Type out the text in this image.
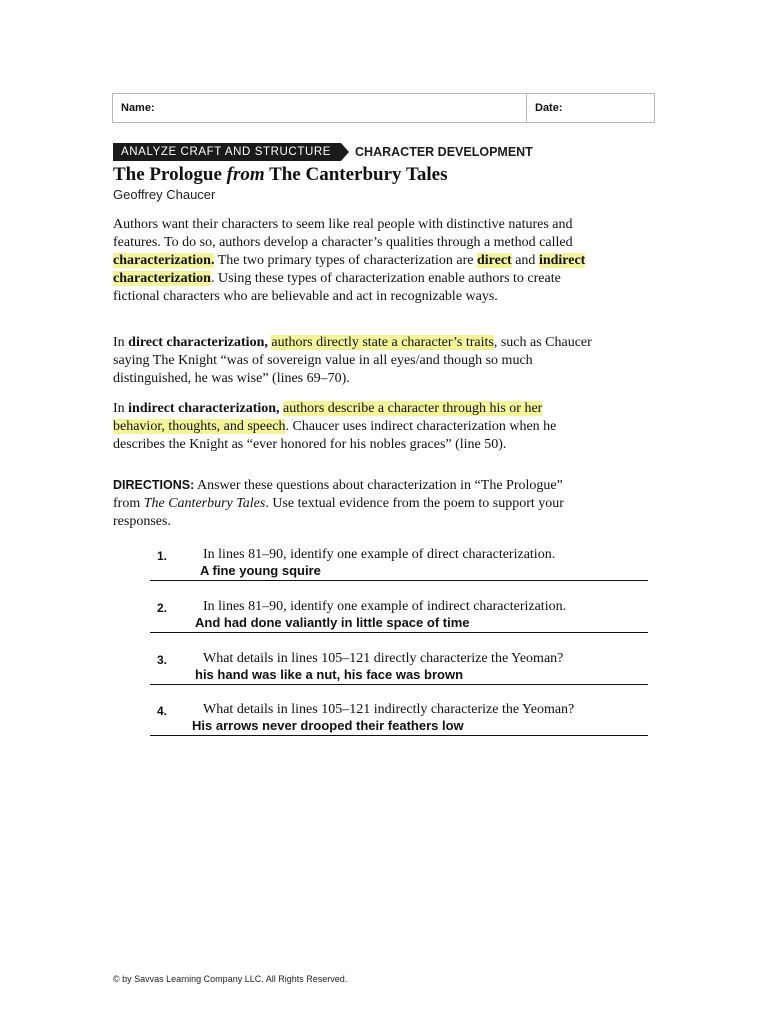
Name:	Date:
ANALYZE CRAFT AND STRUCTURE	CHARACTER DEVELOPMENT
The Prologue from The Canterbury Tales
Geoffrey Chaucer

Authors want their characters to seem like real people with distinctive natures and features. To do so, authors develop a character’s qualities through a method called characterization. The two primary types of characterization are direct and indirect characterization. Using these types of characterization enable authors to create fictional characters who are believable and act in recognizable ways.

In direct characterization, authors directly state a character’s traits, such as Chaucer saying The Knight “was of sovereign value in all eyes/and though so much distinguished, he was wise” (lines 69–70).

In indirect characterization, authors describe a character through his or her behavior, thoughts, and speech. Chaucer uses indirect characterization when he describes the Knight as “ever honored for his nobles graces” (line 50).

DIRECTIONS: Answer these questions about characterization in “The Prologue” from The Canterbury Tales. Use textual evidence from the poem to support your responses.

1.	In lines 81–90, identify one example of direct characterization.
A fine young squire
2.	In lines 81–90, identify one example of indirect characterization.
And had done valiantly in little space of time
3.	What details in lines 105–121 directly characterize the Yeoman?
his hand was like a nut, his face was brown
4.	What details in lines 105–121 indirectly characterize the Yeoman?
His arrows never drooped their feathers low
© by Savvas Learning Company LLC. All Rights Reserved.
